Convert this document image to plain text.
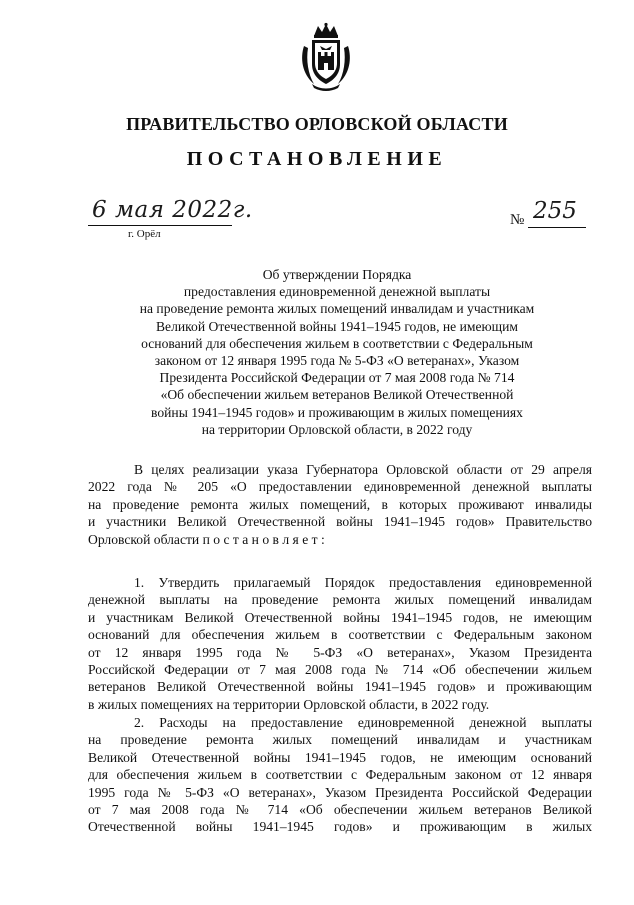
ПРАВИТЕЛЬСТВО ОРЛОВСКОЙ ОБЛАСТИ
ПОСТАНОВЛЕНИЕ
6 мая 2022г.
г. Орёл
№ 255
Об утверждении Порядка
предоставления единовременной денежной выплаты
на проведение ремонта жилых помещений инвалидам и участникам
Великой Отечественной войны 1941–1945 годов, не имеющим
оснований для обеспечения жильем в соответствии с Федеральным
законом от 12 января 1995 года № 5-ФЗ «О ветеранах», Указом
Президента Российской Федерации от 7 мая 2008 года № 714
«Об обеспечении жильем ветеранов Великой Отечественной
войны 1941–1945 годов» и проживающим в жилых помещениях
на территории Орловской области, в 2022 году
В целях реализации указа Губернатора Орловской области от 29 апреля
2022 года № 205 «О предоставлении единовременной денежной выплаты
на проведение ремонта жилых помещений, в которых проживают инвалиды
и участники Великой Отечественной войны 1941–1945 годов» Правительство
Орловской области п о с т а н о в л я е т :
1. Утвердить прилагаемый Порядок предоставления единовременной
денежной выплаты на проведение ремонта жилых помещений инвалидам
и участникам Великой Отечественной войны 1941–1945 годов, не имеющим
оснований для обеспечения жильем в соответствии с Федеральным законом
от 12 января 1995 года № 5-ФЗ «О ветеранах», Указом Президента
Российской Федерации от 7 мая 2008 года № 714 «Об обеспечении жильем
ветеранов Великой Отечественной войны 1941–1945 годов» и проживающим
в жилых помещениях на территории Орловской области, в 2022 году.
2. Расходы на предоставление единовременной денежной выплаты
на проведение ремонта жилых помещений инвалидам и участникам
Великой Отечественной войны 1941–1945 годов, не имеющим оснований
для обеспечения жильем в соответствии с Федеральным законом от 12 января
1995 года № 5-ФЗ «О ветеранах», Указом Президента Российской Федерации
от 7 мая 2008 года № 714 «Об обеспечении жильем ветеранов Великой
Отечественной войны 1941–1945 годов» и проживающим в жилых
